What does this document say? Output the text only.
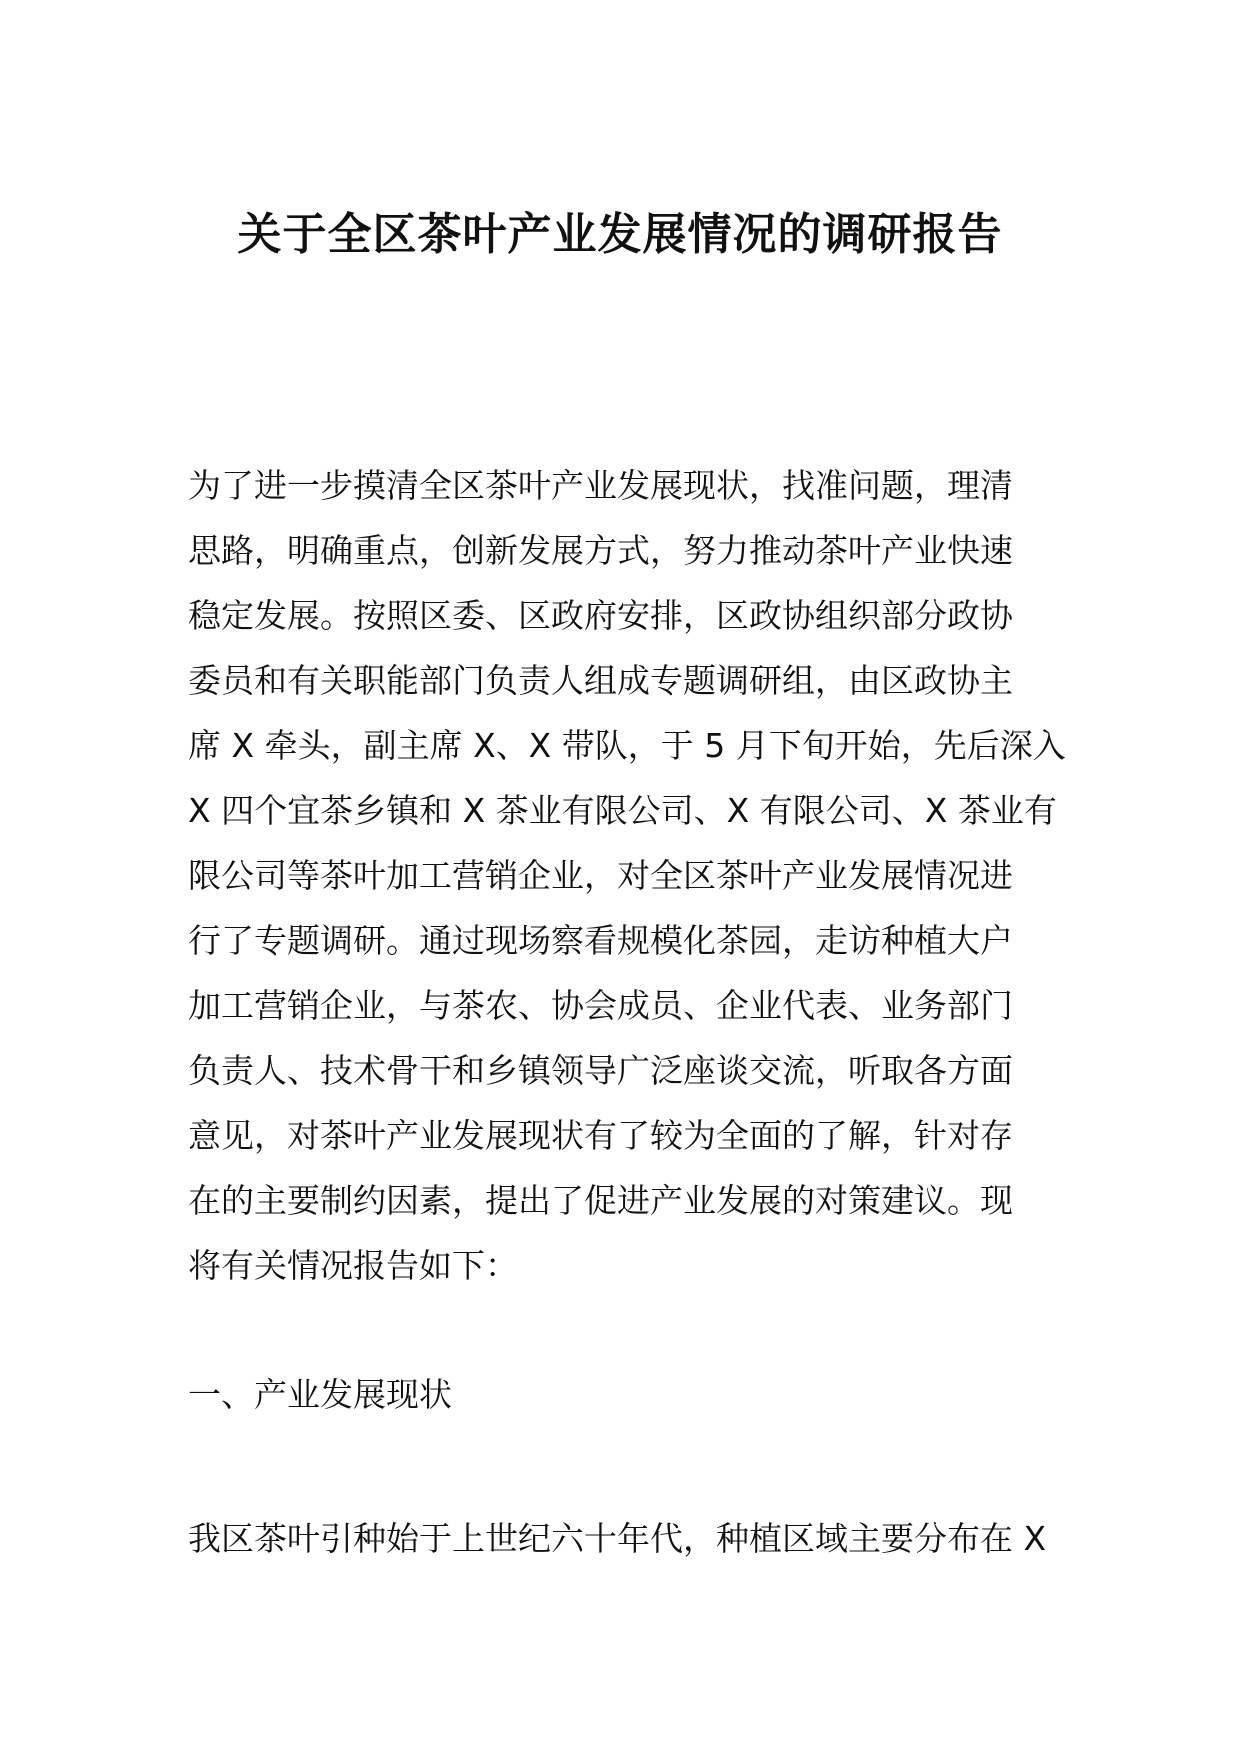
关于全区茶叶产业发展情况的调研报告
为了进一步摸清全区茶叶产业发展现状，找准问题，理清
思路，明确重点，创新发展方式，努力推动茶叶产业快速
稳定发展。按照区委、区政府安排，区政协组织部分政协
委员和有关职能部门负责人组成专题调研组，由区政协主
席 X 牵头，副主席 X、X 带队，于 5 月下旬开始，先后深入
X 四个宜茶乡镇和 X 茶业有限公司、X 有限公司、X 茶业有
限公司等茶叶加工营销企业，对全区茶叶产业发展情况进
行了专题调研。通过现场察看规模化茶园，走访种植大户
加工营销企业，与茶农、协会成员、企业代表、业务部门
负责人、技术骨干和乡镇领导广泛座谈交流，听取各方面
意见，对茶叶产业发展现状有了较为全面的了解，针对存
在的主要制约因素，提出了促进产业发展的对策建议。现
将有关情况报告如下：
一、产业发展现状
我区茶叶引种始于上世纪六十年代，种植区域主要分布在 X
